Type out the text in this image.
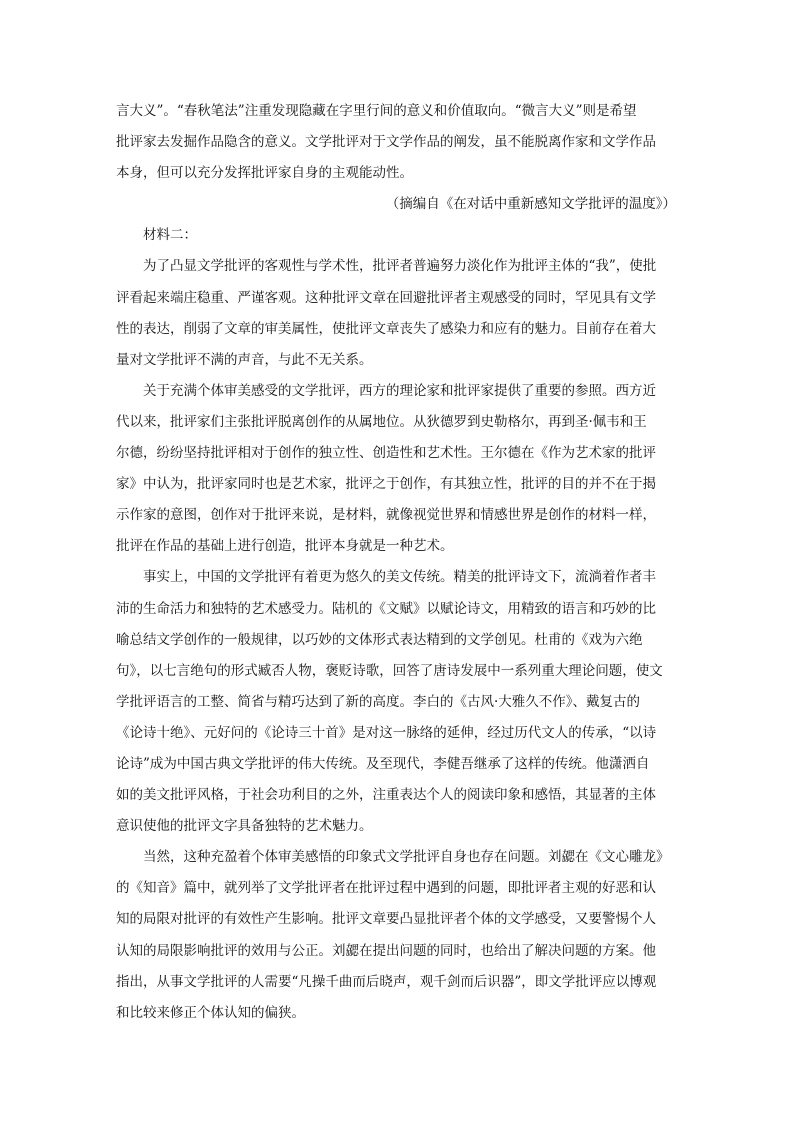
言大义”。“春秋笔法”注重发现隐藏在字里行间的意义和价值取向。“微言大义”则是希望
批评家去发掘作品隐含的意义。文学批评对于文学作品的阐发，虽不能脱离作家和文学作品
本身，但可以充分发挥批评家自身的主观能动性。
（摘编自《在对话中重新感知文学批评的温度》）
材料二：
为了凸显文学批评的客观性与学术性，批评者普遍努力淡化作为批评主体的“我”，使批
评看起来端庄稳重、严谨客观。这种批评文章在回避批评者主观感受的同时，罕见具有文学
性的表达，削弱了文章的审美属性，使批评文章丧失了感染力和应有的魅力。目前存在着大
量对文学批评不满的声音，与此不无关系。
关于充满个体审美感受的文学批评，西方的理论家和批评家提供了重要的参照。西方近
代以来，批评家们主张批评脱离创作的从属地位。从狄德罗到史勒格尔，再到圣·佩韦和王
尔德，纷纷坚持批评相对于创作的独立性、创造性和艺术性。王尔德在《作为艺术家的批评
家》中认为，批评家同时也是艺术家，批评之于创作，有其独立性，批评的目的并不在于揭
示作家的意图，创作对于批评来说，是材料，就像视觉世界和情感世界是创作的材料一样，
批评在作品的基础上进行创造，批评本身就是一种艺术。
事实上，中国的文学批评有着更为悠久的美文传统。精美的批评诗文下，流淌着作者丰
沛的生命活力和独特的艺术感受力。陆机的《文赋》以赋论诗文，用精致的语言和巧妙的比
喻总结文学创作的一般规律，以巧妙的文体形式表达精到的文学创见。杜甫的《戏为六绝
句》，以七言绝句的形式臧否人物，褒贬诗歌，回答了唐诗发展中一系列重大理论问题，使文
学批评语言的工整、简省与精巧达到了新的高度。李白的《古风·大雅久不作》、戴复古的
《论诗十绝》、元好问的《论诗三十首》是对这一脉络的延伸，经过历代文人的传承，“以诗
论诗”成为中国古典文学批评的伟大传统。及至现代，李健吾继承了这样的传统。他潇洒自
如的美文批评风格，于社会功利目的之外，注重表达个人的阅读印象和感悟，其显著的主体
意识使他的批评文字具备独特的艺术魅力。
当然，这种充盈着个体审美感悟的印象式文学批评自身也存在问题。刘勰在《文心雕龙》
的《知音》篇中，就列举了文学批评者在批评过程中遇到的问题，即批评者主观的好恶和认
知的局限对批评的有效性产生影响。批评文章要凸显批评者个体的文学感受，又要警惕个人
认知的局限影响批评的效用与公正。刘勰在提出问题的同时，也给出了解决问题的方案。他
指出，从事文学批评的人需要“凡操千曲而后晓声，观千剑而后识器”，即文学批评应以博观
和比较来修正个体认知的偏狭。
